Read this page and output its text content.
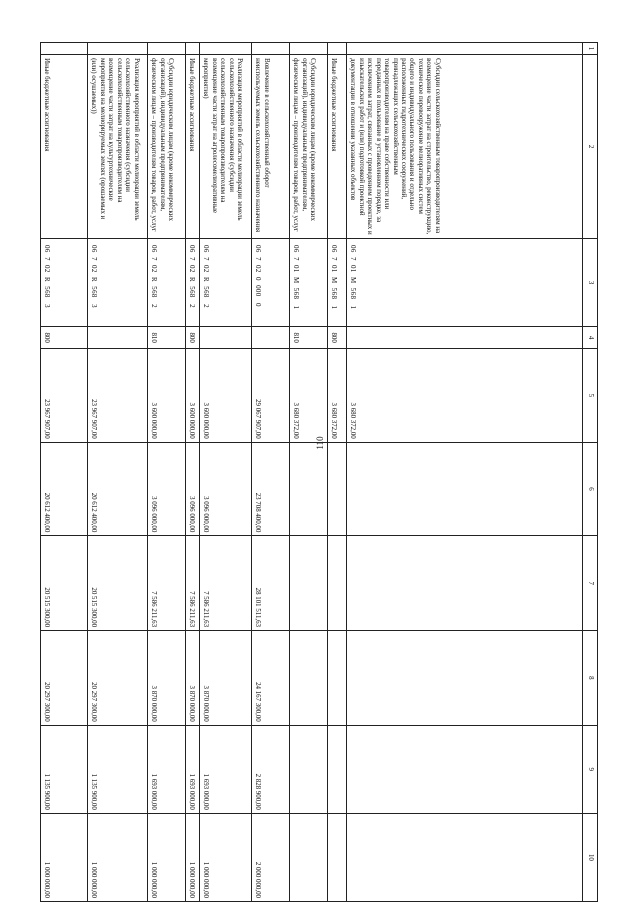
110
1	2	3	4	5	6	7	8	9	10
	Субсидии сельскохозяйственным товаропроизводителям на возмещение части затрат на строительство, реконструкцию, техническое перевооружение мелиоративных систем общего и индивидуального пользования и отдельно расположенных гидротехнических сооружений, принадлежащих сельскохозяйственным товаропроизводителям на праве собственности или переданных в пользование в установленном порядке, за исключением затрат, связанных с проведением проектных и изыскательских работ и (или) подготовкой проектной документации в отношении указанных объектов	06  7  01  M  568   1		3 680 372,00					
	Иные бюджетные ассигнования	06  7  01  M  568   1	800	3 680 372,00					
	Субсидии юридическим лицам (кроме некоммерческих организаций), индивидуальным предпринимателям, физическим лицам – производителям товаров, работ, услуг	06  7  01  M  568   1	810	3 680 372,00					
	Вовлечение в сельскохозяйственный оборот неиспользуемых земель сельскохозяйственного назначения	06  7  02  0  000   0		29 067 907,00	23 708 400,00	28 101 511,63	24 167 300,00	2 828 900,00	2 000 000,00
	Реализация мероприятий в области мелиорации земель сельскохозяйственного назначения (субсидии сельскохозяйственным товаропроизводителям на возмещение части затрат на агролесомелиоративные мероприятия)	06  7  02  R  568   2		3 600 000,00	3 096 000,00	7 586 211,63	3 870 000,00	1 693 000,00	1 000 000,00
	Иные бюджетные ассигнования	06  7  02  R  568   2	800	3 600 000,00	3 096 000,00	7 586 211,63	3 870 000,00	1 693 000,00	1 000 000,00
	Субсидии юридическим лицам (кроме некоммерческих организаций), индивидуальным предпринимателям, физическим лицам – производителям товаров, работ, услуг	06  7  02  R  568   2	810	3 600 000,00	3 096 000,00	7 586 211,63	3 870 000,00	1 693 000,00	1 000 000,00
	Реализация мероприятий в области мелиорации земель сельскохозяйственного назначения (субсидии сельскохозяйственным товаропроизводителям на возмещение части затрат на культуртехнические мероприятия на мелиорируемых землях (орошаемых и (или) осушаемых))	06  7  02  R  568   3		23 967 907,00	20 612 400,00	20 515 300,00	20 297 300,00	1 135 900,00	1 000 000,00
	Иные бюджетные ассигнования	06  7  02  R  568   3	800	23 967 907,00	20 612 400,00	20 515 300,00	20 297 300,00	1 135 900,00	1 000 000,00
